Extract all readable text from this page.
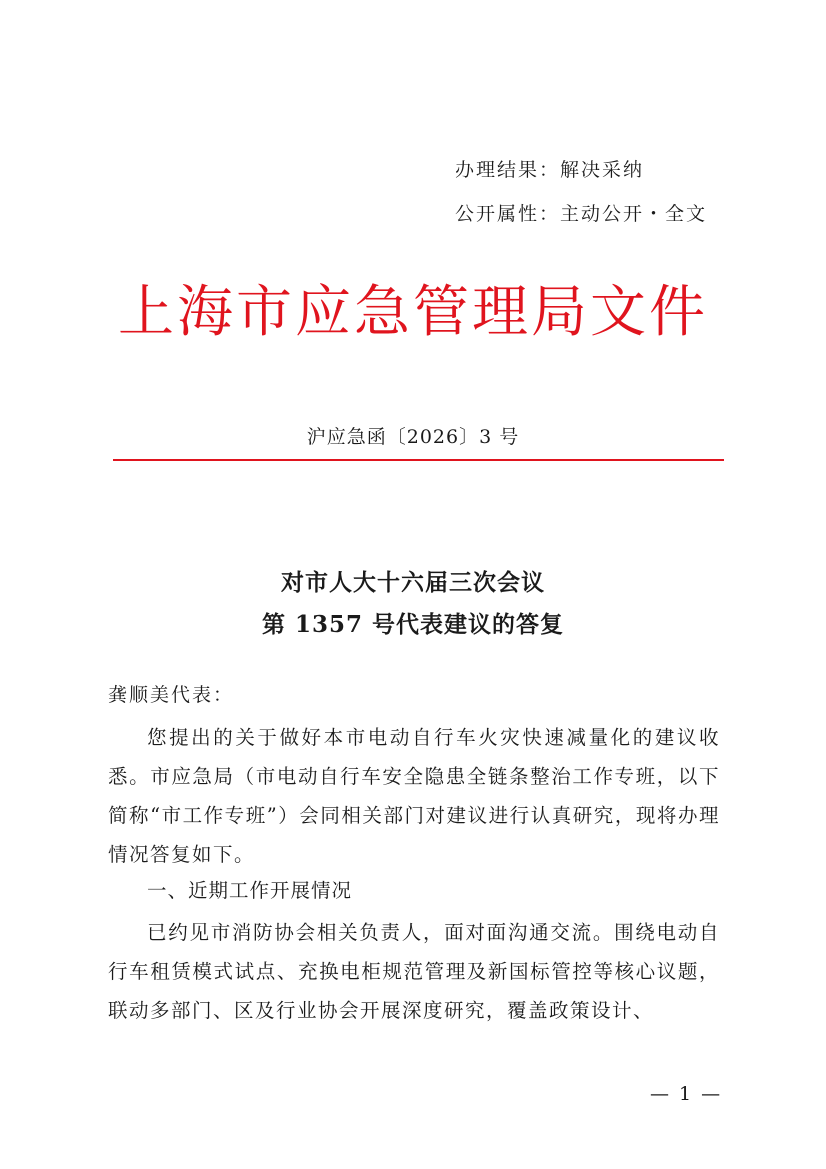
办理结果：解决采纳
公开属性：主动公开・全文
上海市应急管理局文件
沪应急函〔2026〕3 号
对市人大十六届三次会议
第 1357 号代表建议的答复
龚顺美代表：

您提出的关于做好本市电动自行车火灾快速减量化的建议收悉。市应急局（市电动自行车安全隐患全链条整治工作专班，以下简称“市工作专班”）会同相关部门对建议进行认真研究，现将办理情况答复如下。

一、近期工作开展情况

已约见市消防协会相关负责人，面对面沟通交流。围绕电动自行车租赁模式试点、充换电柜规范管理及新国标管控等核心议题，联动多部门、区及行业协会开展深度研究，覆盖政策设计、

— 1 —
